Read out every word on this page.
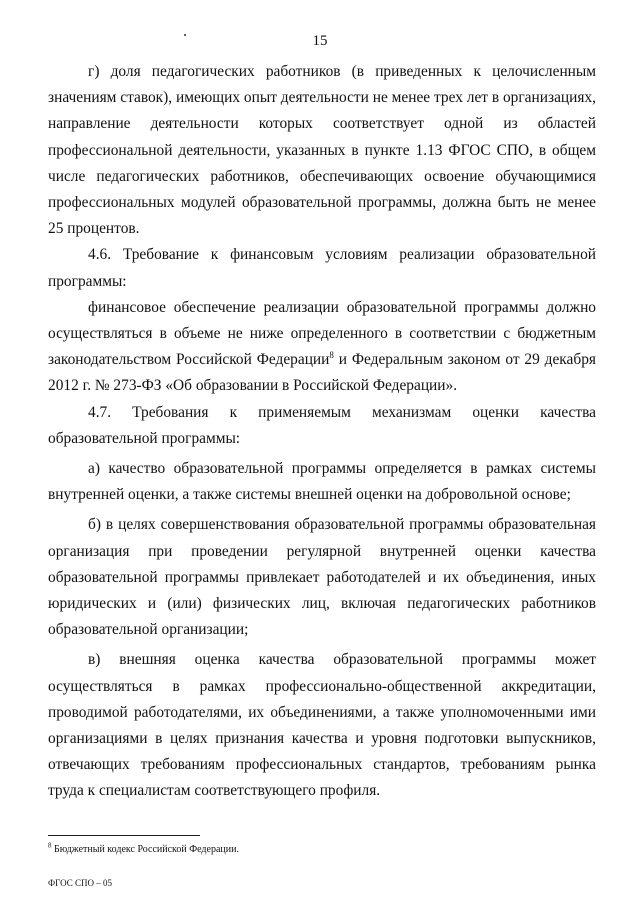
15

г) доля педагогических работников (в приведенных к целочисленным значениям ставок), имеющих опыт деятельности не менее трех лет в организациях, направление деятельности которых соответствует одной из областей профессиональной деятельности, указанных в пункте 1.13 ФГОС СПО, в общем числе педагогических работников, обеспечивающих освоение обучающимися профессиональных модулей образовательной программы, должна быть не менее 25 процентов.

4.6. Требование к финансовым условиям реализации образовательной программы:

финансовое обеспечение реализации образовательной программы должно осуществляться в объеме не ниже определенного в соответствии с бюджетным законодательством Российской Федерации$^8$ и Федеральным законом от 29 декабря 2012 г. № 273-ФЗ «Об образовании в Российской Федерации».

4.7. Требования к применяемым механизмам оценки качества образовательной программы:

а) качество образовательной программы определяется в рамках системы внутренней оценки, а также системы внешней оценки на добровольной основе;

б) в целях совершенствования образовательной программы образовательная организация при проведении регулярной внутренней оценки качества образовательной программы привлекает работодателей и их объединения, иных юридических и (или) физических лиц, включая педагогических работников образовательной организации;

в) внешняя оценка качества образовательной программы может осуществляться в рамках профессионально-общественной аккредитации, проводимой работодателями, их объединениями, а также уполномоченными ими организациями в целях признания качества и уровня подготовки выпускников, отвечающих требованиям профессиональных стандартов, требованиям рынка труда к специалистам соответствующего профиля.

$^8$ Бюджетный кодекс Российской Федерации.
ФГОС СПО – 05
